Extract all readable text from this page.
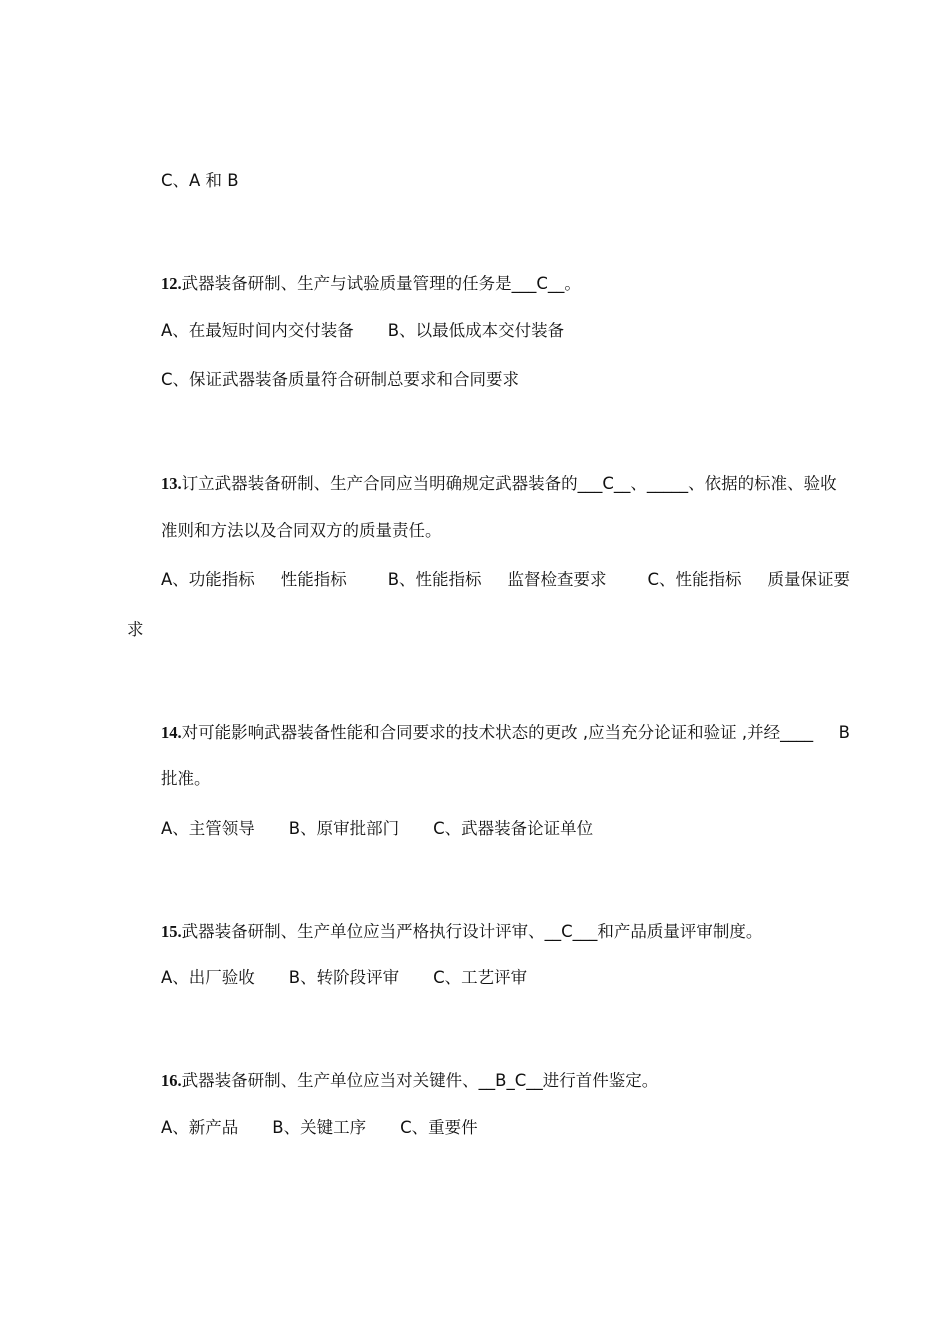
C、A 和 B
12.武器装备研制、生产与试验质量管理的任务是___C__。
A、在最短时间内交付装备 B、以最低成本交付装备
C、保证武器装备质量符合研制总要求和合同要求
13.订立武器装备研制、生产合同应当明确规定武器装备的___C__、_____、依据的标准、验收
准则和方法以及合同双方的质量责任。
A、功能指标 性能指标 B、性能指标 监督检查要求 C、性能指标 质量保证要
求
14.对可能影响武器装备性能和合同要求的技术状态的更改 ,应当充分论证和验证 ,并经____ B
批准。
A、主管领导 B、原审批部门 C、武器装备论证单位
15.武器装备研制、生产单位应当严格执行设计评审、__C___和产品质量评审制度。
A、出厂验收 B、转阶段评审 C、工艺评审
16.武器装备研制、生产单位应当对关键件、__B_C__进行首件鉴定。
A、新产品 B、关键工序 C、重要件
